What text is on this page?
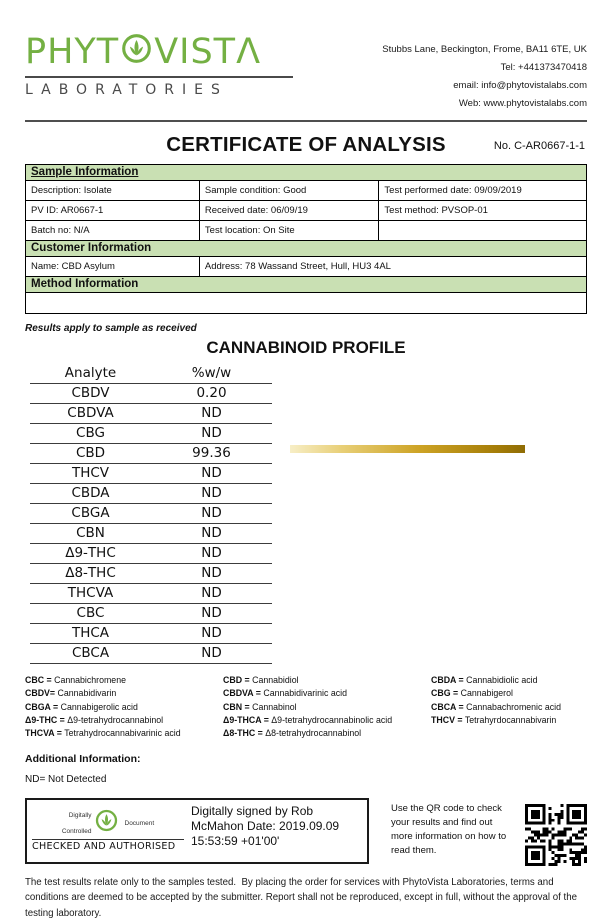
PHYT VIST Λ
LABORATORIES
Stubbs Lane, Beckington, Frome, BA11 6TE, UK
Tel: +441373470418
email: info@phytovistalabs.com
Web: www.phytovistalabs.com
CERTIFICATE OF ANALYSIS	No. C-AR0667-1-1
Sample Information		
Description: Isolate	Sample condition: Good	Test performed date: 09/09/2019
PV ID: AR0667-1	Received date: 06/09/19	Test method: PVSOP-01
Batch no: N/A	Test location: On Site	
Customer Information
Name: CBD Asylum	Address: 78 Wassand Street, Hull, HU3 4AL
Method Information

Results apply to sample as received
CANNABINOID PROFILE
Analyte	%w/w
CBDV	0.20
CBDVA	ND
CBG	ND
CBD	99.36
THCV	ND
CBDA	ND
CBGA	ND
CBN	ND
Δ9-THC	ND
Δ8-THC	ND
THCVA	ND
CBC	ND
THCA	ND
CBCA	ND
CBC = Cannabichromene
CBDV= Cannabidivarin
CBGA = Cannabigerolic acid
Δ9-THC = Δ9-tetrahydrocannabinol
THCVA = Tetrahydrocannabivarinic acid
CBD = Cannabidiol
CBDVA = Cannabidivarinic acid
CBN = Cannabinol
Δ9-THCA = Δ9-tetrahydrocannabinolic acid
Δ8-THC = Δ8-tetrahydrocannabinol
CBDA = Cannabidiolic acid
CBG = Cannabigerol
CBCA = Cannabachromenic acid
THCV = Tetrahyrdocannabivarin
Additional Information:
ND= Not Detected
Digitally
Controlled
Document
CHECKED AND AUTHORISED
Digitally signed by Rob McMahon Date: 2019.09.09 15:53:59 +01'00'
Use the QR code to check your results and find out more information on how to read them.

The test results relate only to the samples tested.  By placing the order for services with PhytoVista Laboratories, terms and conditions are deemed to be accepted by the submitter. Report shall not be reproduced, except in full, without the approval of the testing laboratory.
